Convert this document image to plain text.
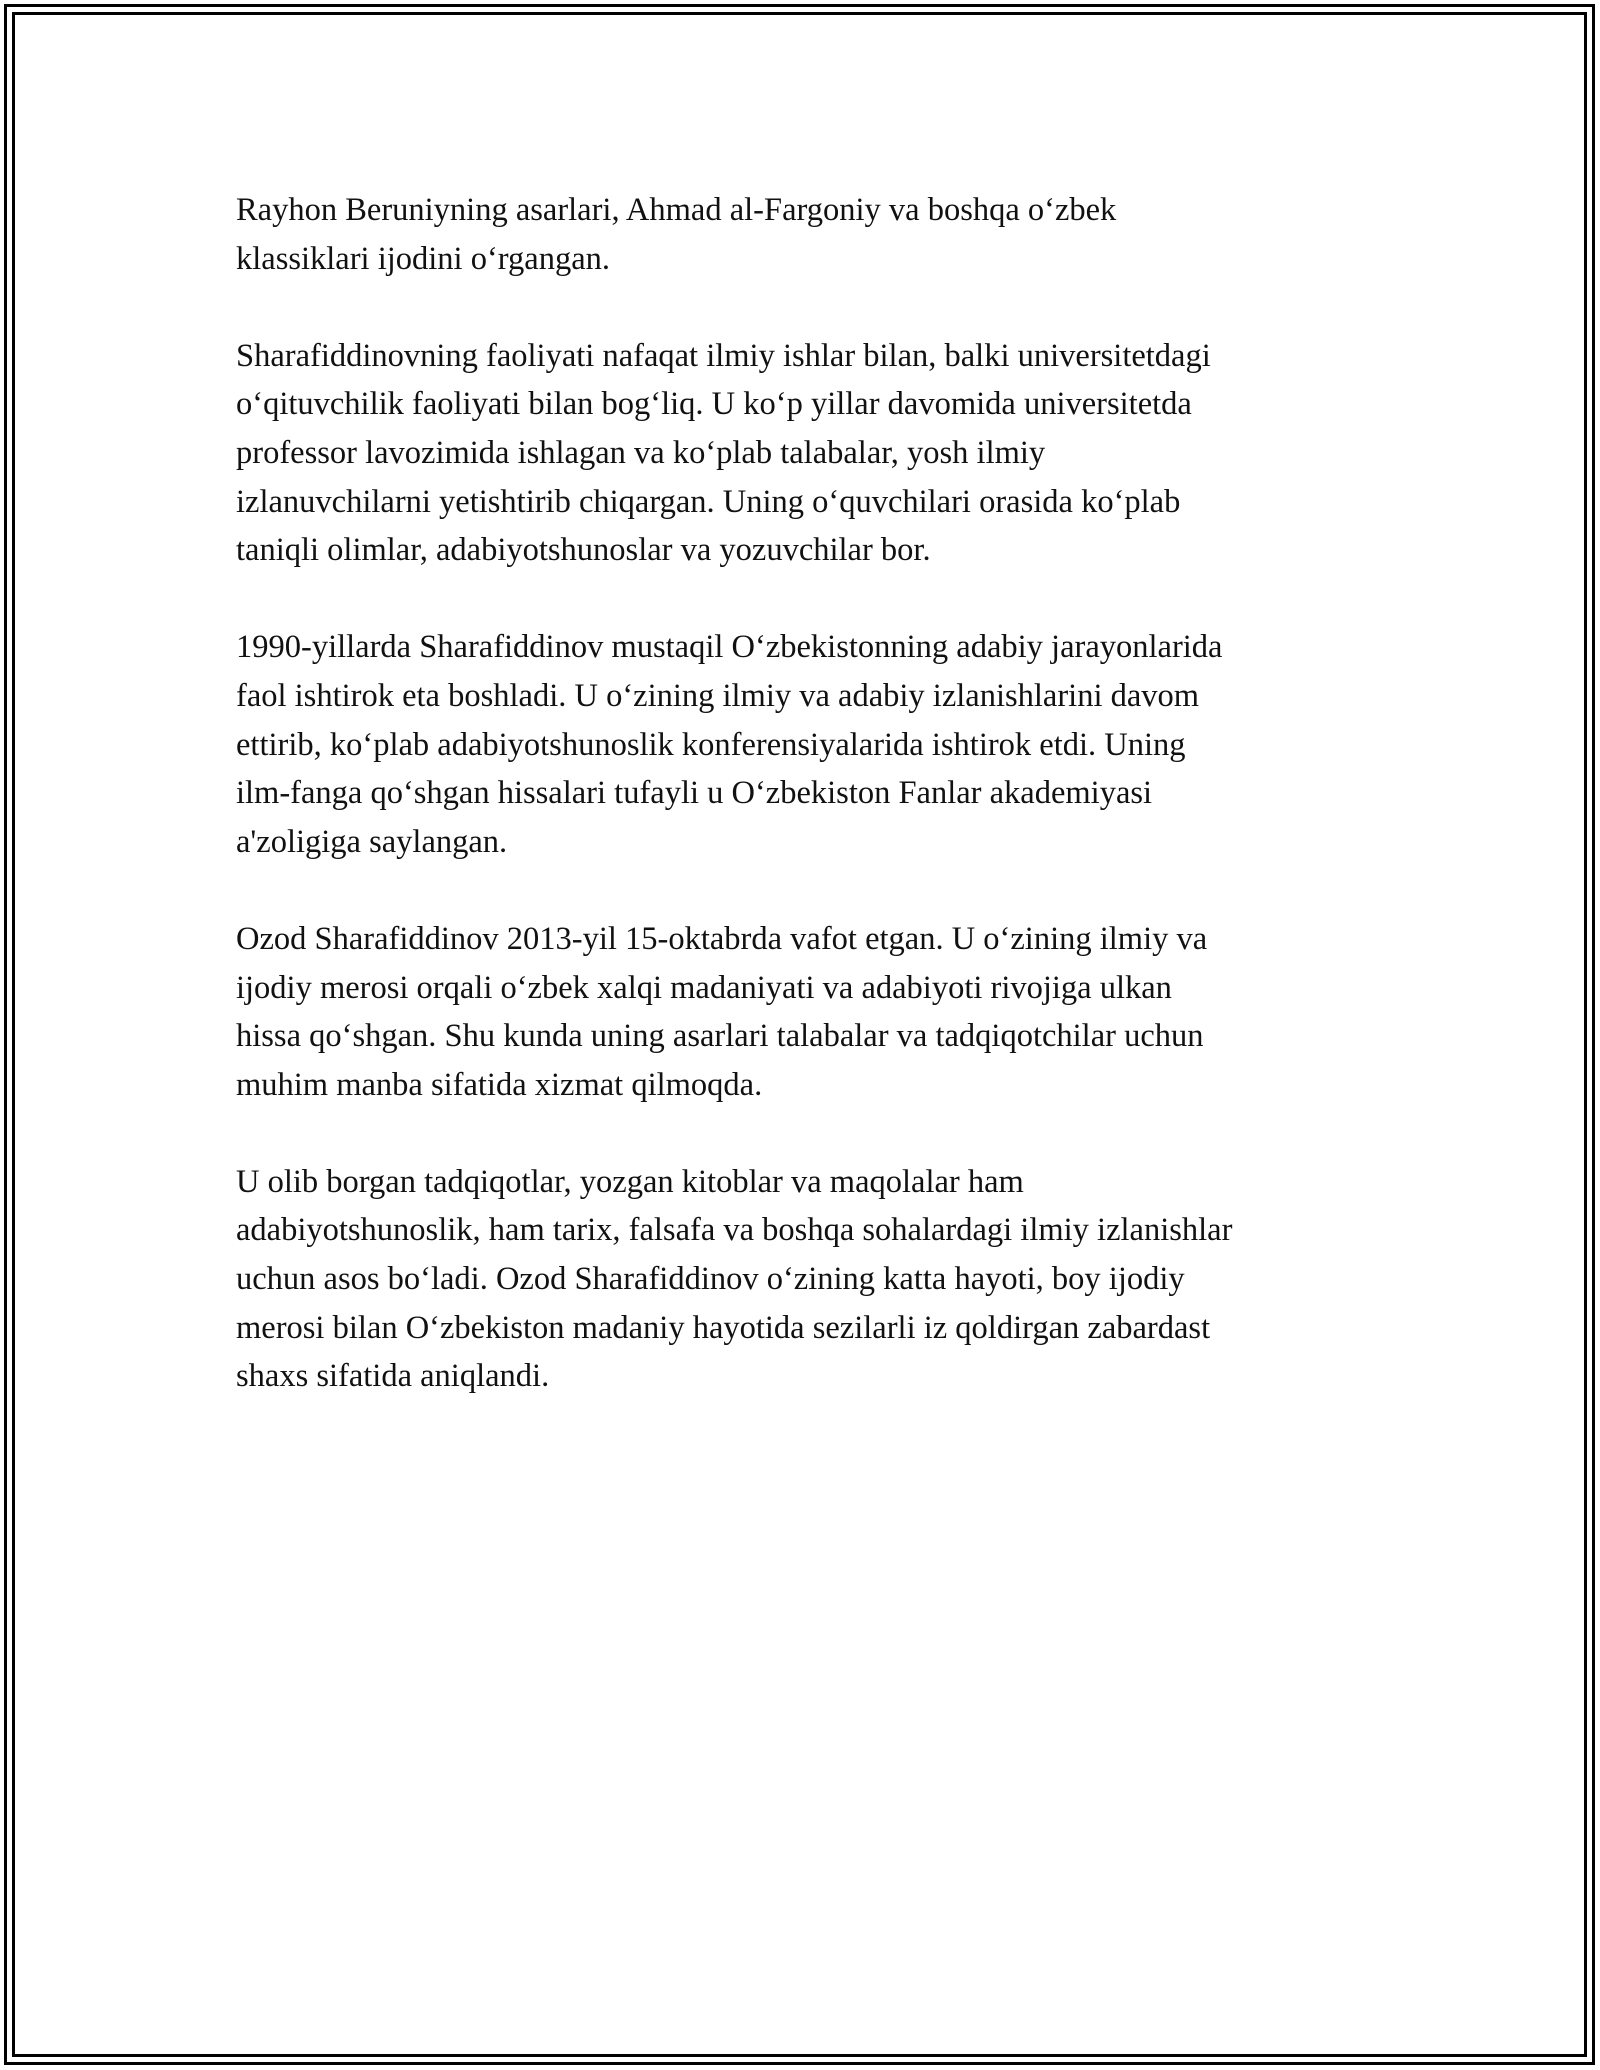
Rayhon Beruniyning asarlari, Ahmad al-Fargoniy va boshqa o‘zbek
klassiklari ijodini o‘rgangan.

Sharafiddinovning faoliyati nafaqat ilmiy ishlar bilan, balki universitetdagi
o‘qituvchilik faoliyati bilan bog‘liq. U ko‘p yillar davomida universitetda
professor lavozimida ishlagan va ko‘plab talabalar, yosh ilmiy
izlanuvchilarni yetishtirib chiqargan. Uning o‘quvchilari orasida ko‘plab
taniqli olimlar, adabiyotshunoslar va yozuvchilar bor.

1990-yillarda Sharafiddinov mustaqil O‘zbekistonning adabiy jarayonlarida
faol ishtirok eta boshladi. U o‘zining ilmiy va adabiy izlanishlarini davom
ettirib, ko‘plab adabiyotshunoslik konferensiyalarida ishtirok etdi. Uning
ilm-fanga qo‘shgan hissalari tufayli u O‘zbekiston Fanlar akademiyasi
a'zoligiga saylangan.

Ozod Sharafiddinov 2013-yil 15-oktabrda vafot etgan. U o‘zining ilmiy va
ijodiy merosi orqali o‘zbek xalqi madaniyati va adabiyoti rivojiga ulkan
hissa qo‘shgan. Shu kunda uning asarlari talabalar va tadqiqotchilar uchun
muhim manba sifatida xizmat qilmoqda.

U olib borgan tadqiqotlar, yozgan kitoblar va maqolalar ham
adabiyotshunoslik, ham tarix, falsafa va boshqa sohalardagi ilmiy izlanishlar
uchun asos bo‘ladi. Ozod Sharafiddinov o‘zining katta hayoti, boy ijodiy
merosi bilan O‘zbekiston madaniy hayotida sezilarli iz qoldirgan zabardast
shaxs sifatida aniqlandi.
